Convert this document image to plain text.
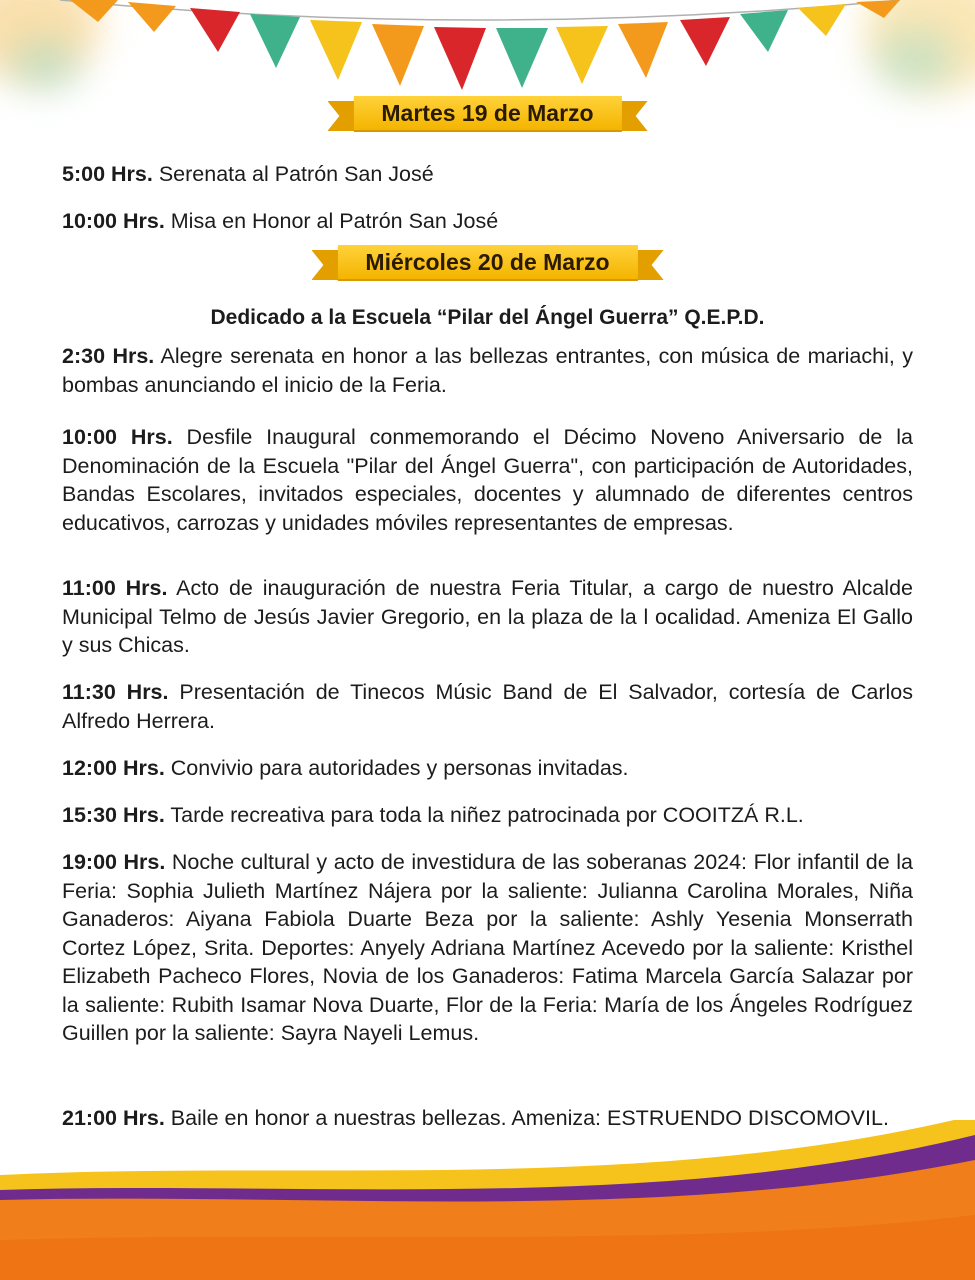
Martes 19 de Marzo

5:00 Hrs. Serenata al Patrón San José

10:00 Hrs. Misa en Honor al Patrón San José

Miércoles 20 de Marzo
Dedicado a la Escuela “Pilar del Ángel Guerra” Q.E.P.D.

2:30 Hrs. Alegre serenata en honor a las bellezas entrantes, con música de mariachi, y bombas anunciando el inicio de la Feria.

10:00 Hrs. Desfile Inaugural conmemorando el Décimo Noveno Aniversario de la Denominación de la Escuela "Pilar del Ángel Guerra", con participación de Autoridades, Bandas Escolares, invitados especiales, docentes y alumnado de diferentes centros educativos, carrozas y unidades móviles representantes de empresas.

11:00 Hrs. Acto de inauguración de nuestra Feria Titular, a cargo de nuestro Alcalde Municipal Telmo de Jesús Javier Gregorio, en la plaza de la l ocalidad. Ameniza El Gallo y sus Chicas.

11:30 Hrs. Presentación de Tinecos Músic Band de El Salvador, cortesía de Carlos Alfredo Herrera.

12:00 Hrs. Convivio para autoridades y personas invitadas.

15:30 Hrs. Tarde recreativa para toda la niñez patrocinada por COOITZÁ R.L.

19:00 Hrs. Noche cultural y acto de investidura de las soberanas 2024: Flor infantil de la Feria: Sophia Julieth Martínez Nájera por la saliente: Julianna Carolina Morales, Niña Ganaderos: Aiyana Fabiola Duarte Beza por la saliente: Ashly Yesenia Monserrath Cortez López, Srita. Deportes: Anyely Adriana Martínez Acevedo por la saliente: Kristhel Elizabeth Pacheco Flores, Novia de los Ganaderos: Fatima Marcela García Salazar por la saliente: Rubith Isamar Nova Duarte, Flor de la Feria: María de los Ángeles Rodríguez Guillen por la saliente: Sayra Nayeli Lemus.

21:00 Hrs. Baile en honor a nuestras bellezas. Ameniza: ESTRUENDO DISCOMOVIL.
